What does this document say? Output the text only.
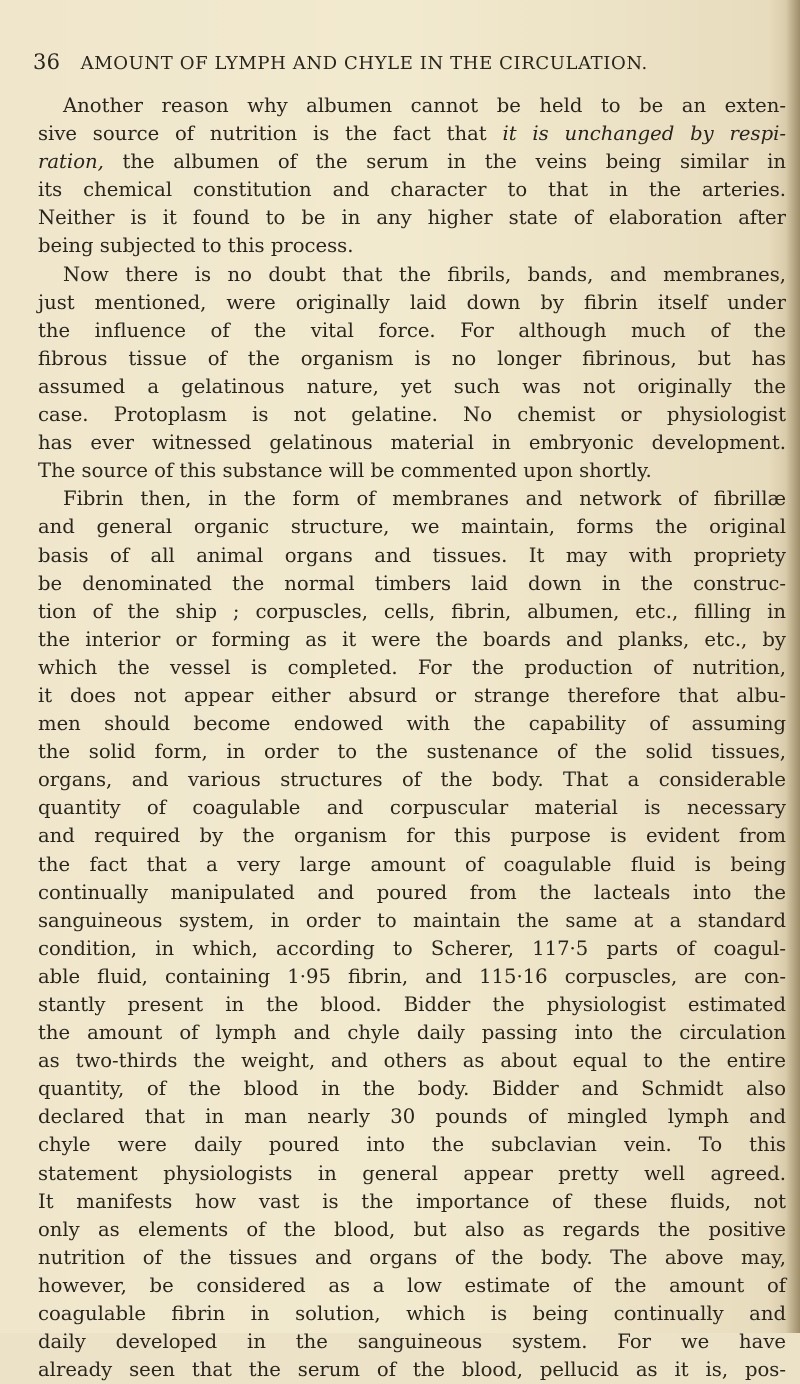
36 AMOUNT OF LYMPH AND CHYLE IN THE CIRCULATION.
Another reason why albumen cannot be held to be an exten-
sive source of nutrition is the fact that it is unchanged by respi-
ration, the albumen of the serum in the veins being similar in
its chemical constitution and character to that in the arteries.
Neither is it found to be in any higher state of elaboration after
being subjected to this process.
Now there is no doubt that the fibrils, bands, and membranes,
just mentioned, were originally laid down by fibrin itself under
the influence of the vital force. For although much of the
fibrous tissue of the organism is no longer fibrinous, but has
assumed a gelatinous nature, yet such was not originally the
case. Protoplasm is not gelatine. No chemist or physiologist
has ever witnessed gelatinous material in embryonic development.
The source of this substance will be commented upon shortly.
Fibrin then, in the form of membranes and network of fibrillæ
and general organic structure, we maintain, forms the original
basis of all animal organs and tissues. It may with propriety
be denominated the normal timbers laid down in the construc-
tion of the ship ; corpuscles, cells, fibrin, albumen, etc., filling in
the interior or forming as it were the boards and planks, etc., by
which the vessel is completed. For the production of nutrition,
it does not appear either absurd or strange therefore that albu-
men should become endowed with the capability of assuming
the solid form, in order to the sustenance of the solid tissues,
organs, and various structures of the body. That a considerable
quantity of coagulable and corpuscular material is necessary
and required by the organism for this purpose is evident from
the fact that a very large amount of coagulable fluid is being
continually manipulated and poured from the lacteals into the
sanguineous system, in order to maintain the same at a standard
condition, in which, according to Scherer, 117·5 parts of coagul-
able fluid, containing 1·95 fibrin, and 115·16 corpuscles, are con-
stantly present in the blood. Bidder the physiologist estimated
the amount of lymph and chyle daily passing into the circulation
as two-thirds the weight, and others as about equal to the entire
quantity, of the blood in the body. Bidder and Schmidt also
declared that in man nearly 30 pounds of mingled lymph and
chyle were daily poured into the subclavian vein. To this
statement physiologists in general appear pretty well agreed.
It manifests how vast is the importance of these fluids, not
only as elements of the blood, but also as regards the positive
nutrition of the tissues and organs of the body. The above may,
however, be considered as a low estimate of the amount of
coagulable fibrin in solution, which is being continually and
daily developed in the sanguineous system. For we have
already seen that the serum of the blood, pellucid as it is, pos-
